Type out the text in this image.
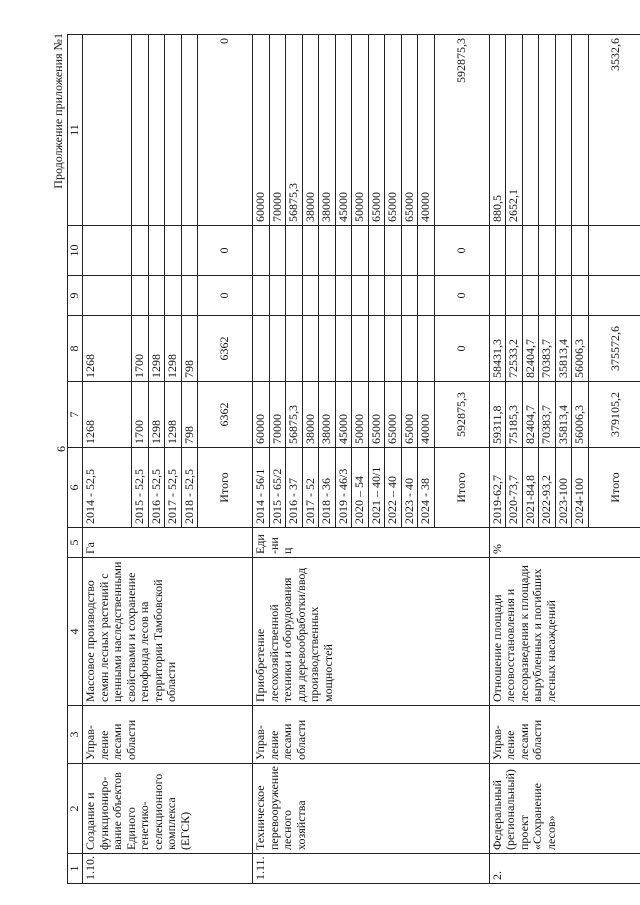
6
Продолжение приложения №1
1	2	3	4	5	6	7	8	9	10	11
1.10.	Создание и функциониро-вание объектов Единого генетико-селекционного комплекса (ЕГСК)	Управ-ление лесами области	Массовое производство семян лесных растений с ценными наследственными свойствами и сохранение генофонда лесов на территории Тамбовской области	Га	2014 - 52,5	1268	1268			
					2015 - 52,5	1700	1700			
					2016 - 52,5	1298	1298			
					2017 - 52,5	1298	1298			
					2018 - 52,5	798	798			
					Итого	6362	6362	0	0	0
1.11.	Техническое перевооружение лесного хозяйства	Управ-ление лесами области	Приобретение лесохозяйственной техники и оборудования для деревообработки/ввод производственных мощностей	Еди-ниц	2014 - 56/1	60000				60000
					2015 - 65/2	70000				70000
					2016 - 37	56875,3				56875,3
					2017 - 52	38000				38000
					2018 - 36	38000				38000
					2019 - 46/3	45000				45000
					2020 – 54	50000				50000
					2021 – 40/1	65000				65000
					2022 – 40	65000				65000
					2023 - 40	65000				65000
					2024 - 38	40000				40000
					Итого	592875,3	0	0	0	592875,3
2.	Федеральный (региональный) проект «Сохранение лесов»	Управ-ление лесами области	Отношение площади лесовосстановления и лесоразведения к площади вырубленных и погибших лесных насаждений	%	2019-62,7	59311,8	58431,3			880,5
					2020-73,7	75185,3	72533,2			2652,1
					2021-84,8	82404,7	82404,7			
					2022-93,2	70383,7	70383,7			
					2023-100	35813,4	35813,4			
					2024-100	56006,3	56006,3			
					Итого	379105,2	375572,6			3532,6
